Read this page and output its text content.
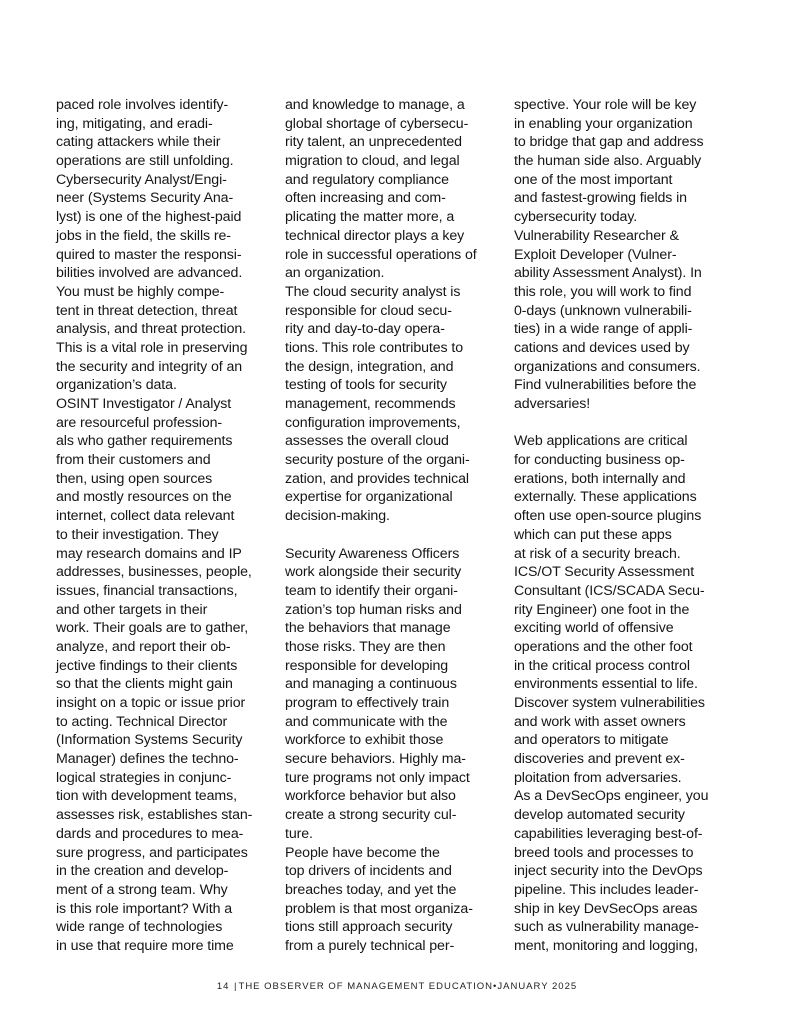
paced role involves identify-
ing, mitigating, and eradi-
cating attackers while their
operations are still unfolding.
Cybersecurity Analyst/Engi-
neer (Systems Security Ana-
lyst) is one of the highest-paid
jobs in the field, the skills re-
quired to master the responsi-
bilities involved are advanced.
You must be highly compe-
tent in threat detection, threat
analysis, and threat protection.
This is a vital role in preserving
the security and integrity of an
organization’s data.
OSINT Investigator / Analyst
are resourceful profession-
als who gather requirements
from their customers and
then, using open sources
and mostly resources on the
internet, collect data relevant
to their investigation. They
may research domains and IP
addresses, businesses, people,
issues, financial transactions,
and other targets in their
work. Their goals are to gather,
analyze, and report their ob-
jective findings to their clients
so that the clients might gain
insight on a topic or issue prior
to acting. Technical Director
(Information Systems Security
Manager) defines the techno-
logical strategies in conjunc-
tion with development teams,
assesses risk, establishes stan-
dards and procedures to mea-
sure progress, and participates
in the creation and develop-
ment of a strong team. Why
is this role important? With a
wide range of technologies
in use that require more time
and knowledge to manage, a
global shortage of cybersecu-
rity talent, an unprecedented
migration to cloud, and legal
and regulatory compliance
often increasing and com-
plicating the matter more, a
technical director plays a key
role in successful operations of
an organization.
The cloud security analyst is
responsible for cloud secu-
rity and day-to-day opera-
tions. This role contributes to
the design, integration, and
testing of tools for security
management, recommends
configuration improvements,
assesses the overall cloud
security posture of the organi-
zation, and provides technical
expertise for organizational
decision-making.
Security Awareness Officers
work alongside their security
team to identify their organi-
zation’s top human risks and
the behaviors that manage
those risks. They are then
responsible for developing
and managing a continuous
program to effectively train
and communicate with the
workforce to exhibit those
secure behaviors. Highly ma-
ture programs not only impact
workforce behavior but also
create a strong security cul-
ture.
People have become the
top drivers of incidents and
breaches today, and yet the
problem is that most organiza-
tions still approach security
from a purely technical per-
spective. Your role will be key
in enabling your organization
to bridge that gap and address
the human side also. Arguably
one of the most important
and fastest-growing fields in
cybersecurity today.
Vulnerability Researcher &
Exploit Developer (Vulner-
ability Assessment Analyst). In
this role, you will work to find
0-days (unknown vulnerabili-
ties) in a wide range of appli-
cations and devices used by
organizations and consumers.
Find vulnerabilities before the
adversaries!
Web applications are critical
for conducting business op-
erations, both internally and
externally. These applications
often use open-source plugins
which can put these apps
at risk of a security breach.
ICS/OT Security Assessment
Consultant (ICS/SCADA Secu-
rity Engineer) one foot in the
exciting world of offensive
operations and the other foot
in the critical process control
environments essential to life.
Discover system vulnerabilities
and work with asset owners
and operators to mitigate
discoveries and prevent ex-
ploitation from adversaries.
As a DevSecOps engineer, you
develop automated security
capabilities leveraging best-of-
breed tools and processes to
inject security into the DevOps
pipeline. This includes leader-
ship in key DevSecOps areas
such as vulnerability manage-
ment, monitoring and logging,
14 |THE OBSERVER OF MANAGEMENT EDUCATION•JANUARY 2025
